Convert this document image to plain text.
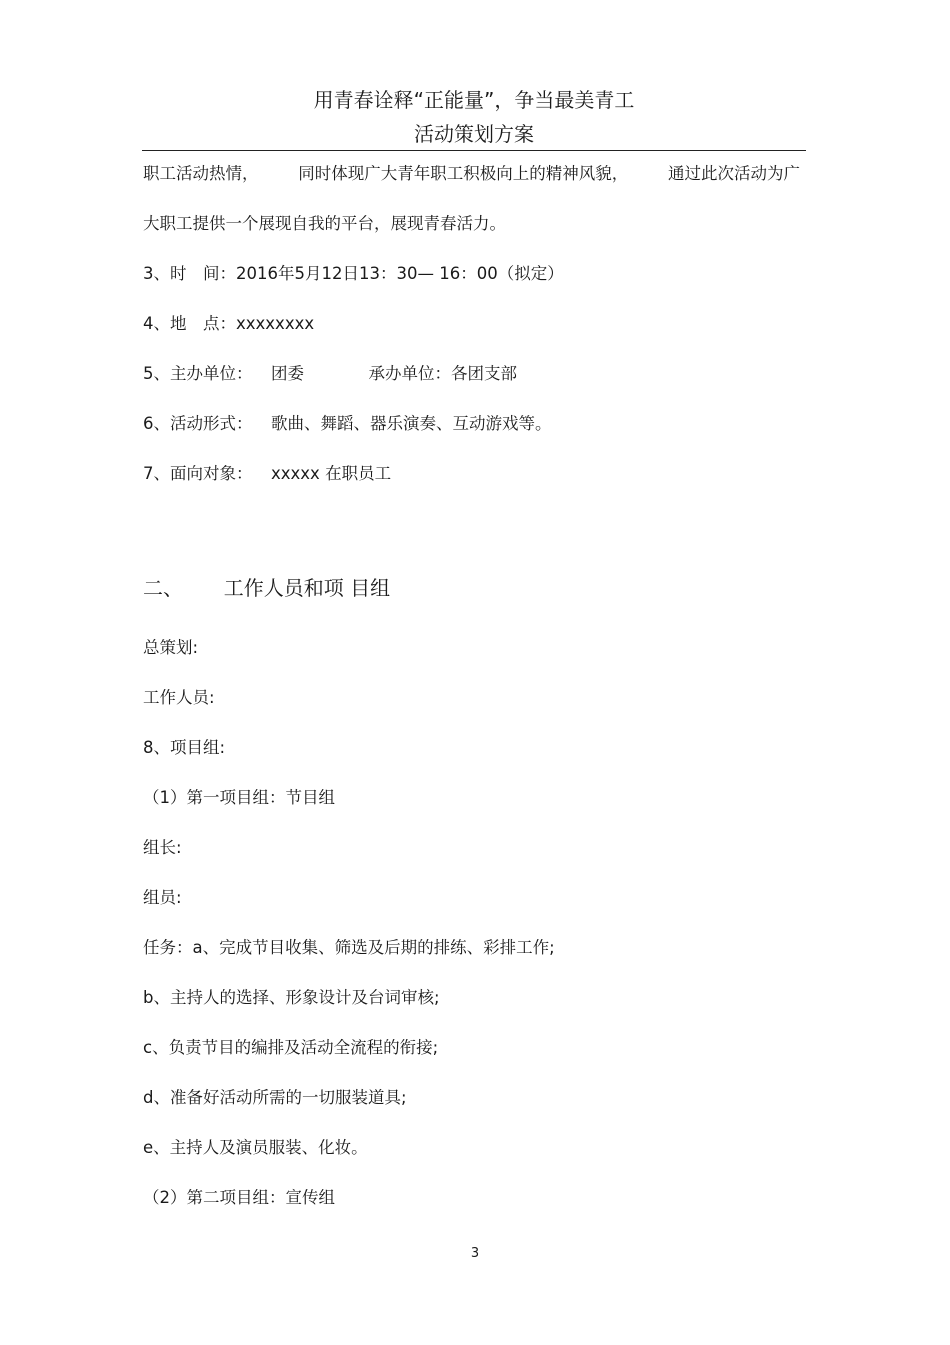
用青春诠释“正能量”，争当最美青工
活动策划方案
职工活动热情， 同时体现广大青年职工积极向上的精神风貌， 通过此次活动为广
大职工提供一个展现自我的平台，展现青春活力。
3、时　间：2016年5月12日13：30— 16：00（拟定）
4、地　点：xxxxxxxx
5、主办单位： 团委	承办单位：各团支部
6、活动形式： 歌曲、舞蹈、器乐演奏、互动游戏等。
7、面向对象： xxxxx 在职员工
二、 工作人员和项 目组
总策划:
工作人员:
8、项目组:
（1）第一项目组：节目组
组长:
组员:
任务：a、完成节目收集、筛选及后期的排练、彩排工作;
b、主持人的选择、形象设计及台词审核;
c、负责节目的编排及活动全流程的衔接;
d、准备好活动所需的一切服装道具;
e、主持人及演员服装、化妆。
（2）第二项目组：宣传组
3
